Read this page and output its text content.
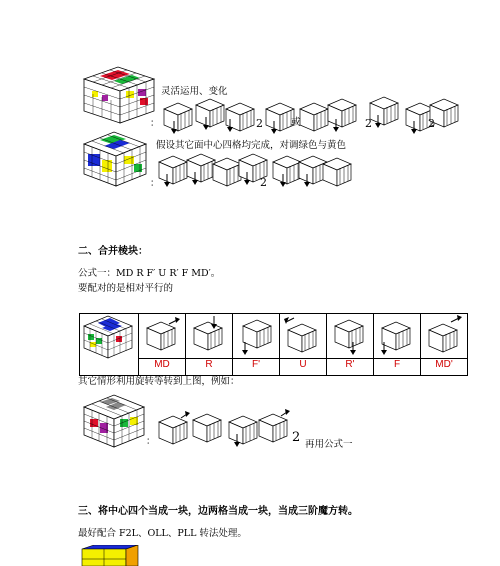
灵活运用、变化
：	2	或	2	2
假设其它面中心四格均完成，对调绿色与黄色
：	2
二、合并棱块：
公式一：MD R F′ U R′ F MD′。
要配对的是相对平行的

	MD	R	F'	U	R'	F	MD'
其它情形利用旋转等转到上图，例如：
：	2 再用公式一
三、将中心四个当成一块，边两格当成一块，当成三阶魔方转。
最好配合 F2L、OLL、PLL 转法处理。
